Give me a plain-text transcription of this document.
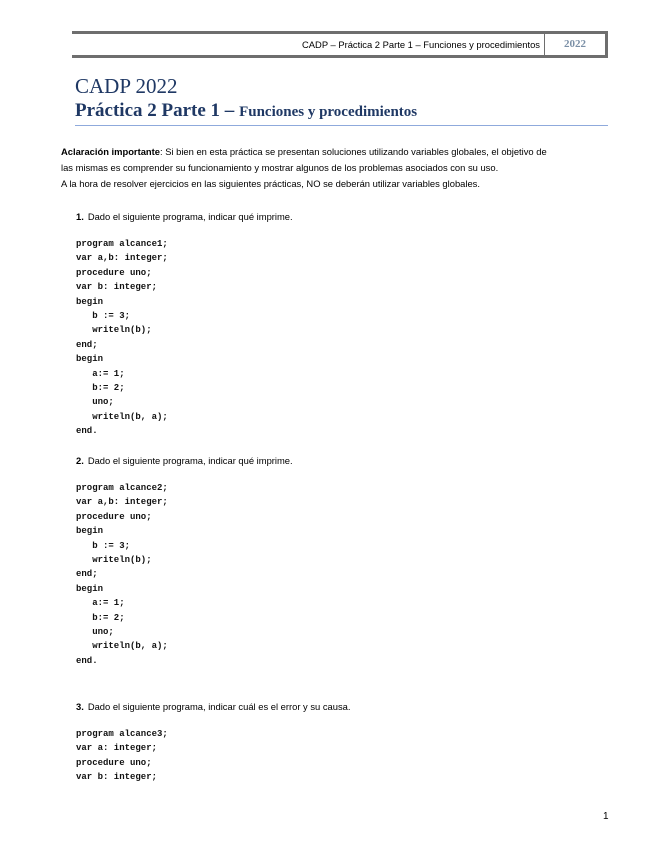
CADP – Práctica 2 Parte 1 – Funciones y procedimientos	2022
CADP 2022
Práctica 2 Parte 1 – Funciones y procedimientos
Aclaración importante: Si bien en esta práctica se presentan soluciones utilizando variables globales, el objetivo de
las mismas es comprender su funcionamiento y mostrar algunos de los problemas asociados con su uso.
A la hora de resolver ejercicios en las siguientes prácticas, NO se deberán utilizar variables globales.
1. Dado el siguiente programa, indicar qué imprime.
program alcance1;
var a,b: integer;
procedure uno;
var b: integer;
begin
b := 3;
writeln(b);
end;
begin
a:= 1;
b:= 2;
uno;
writeln(b, a);
end.
2. Dado el siguiente programa, indicar qué imprime.
program alcance2;
var a,b: integer;
procedure uno;
begin
b := 3;
writeln(b);
end;
begin
a:= 1;
b:= 2;
uno;
writeln(b, a);
end.
3. Dado el siguiente programa, indicar cuál es el error y su causa.
program alcance3;
var a: integer;
procedure uno;
var b: integer;
1
